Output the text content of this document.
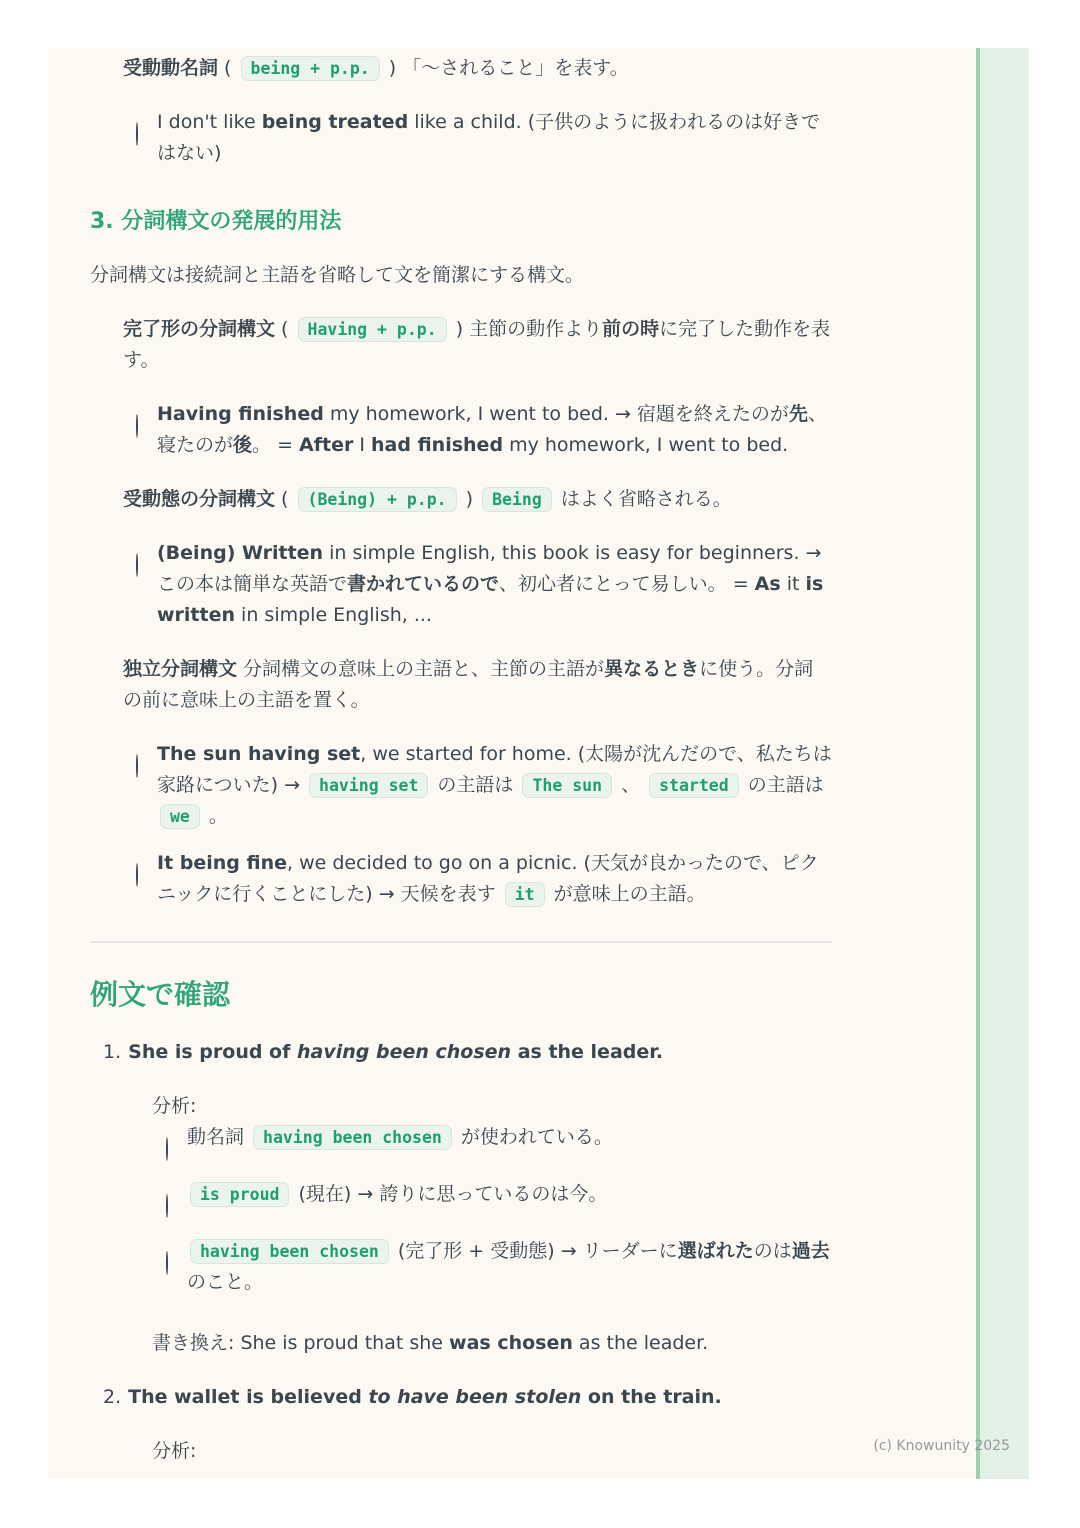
受動動名詞 ( being + p.p. ) 「〜されること」を表す。
I don't like being treated like a child. (子供のように扱われるのは好きではない)
3. 分詞構文の発展的用法

分詞構文は接続詞と主語を省略して文を簡潔にする構文。

完了形の分詞構文 ( Having + p.p. ) 主節の動作より前の時に完了した動作を表す。
Having finished my homework, I went to bed. → 宿題を終えたのが先、寝たのが後。 = After I had finished my homework, I went to bed.
受動態の分詞構文 ( (Being) + p.p. ) Being はよく省略される。
(Being) Written in simple English, this book is easy for beginners. → この本は簡単な英語で書かれているので、初心者にとって易しい。 = As it is written in simple English, ...
独立分詞構文 分詞構文の意味上の主語と、主節の主語が異なるときに使う。分詞の前に意味上の主語を置く。
The sun having set, we started for home. (太陽が沈んだので、私たちは家路についた) → having set の主語は The sun 、 started の主語は we 。
It being fine, we decided to go on a picnic. (天気が良かったので、ピクニックに行くことにした) → 天候を表す it が意味上の主語。
例文で確認
1. She is proud of having been chosen as the leader.
分析:
動名詞 having been chosen が使われている。
is proud (現在) → 誇りに思っているのは今。
having been chosen (完了形 + 受動態) → リーダーに選ばれたのは過去のこと。
書き換え: She is proud that she was chosen as the leader.
2. The wallet is believed to have been stolen on the train.
分析:	(c) Knowunity 2025
